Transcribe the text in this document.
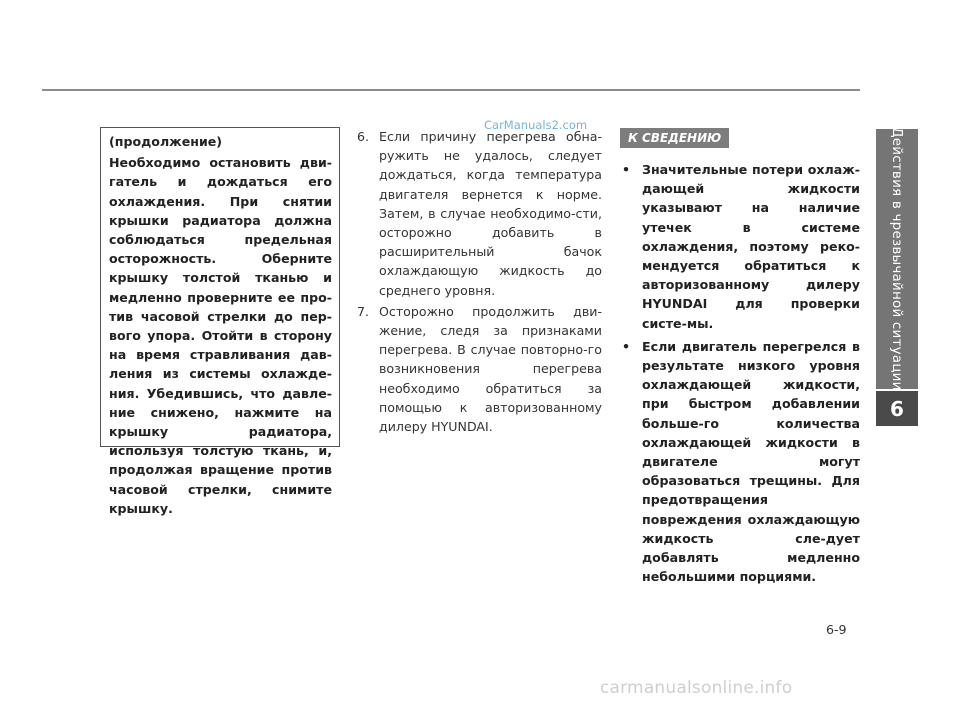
Действия в чрезвычайной ситуации
6

(продолжение)

Необходимо остановить дви-гатель и дождаться его охлаждения. При снятии крышки радиатора должна соблюдаться предельная осторожность. Оберните крышку толстой тканью и медленно проверните ее про-тив часовой стрелки до пер-вого упора. Отойти в сторону на время стравливания дав-ления из системы охлажде-ния. Убедившись, что давле-ние снижено, нажмите на крышку радиатора, используя толстую ткань, и, продолжая вращение против часовой стрелки, снимите крышку.

CarManuals2.com
6. Если причину перегрева обна-ружить не удалось, следует дождаться, когда температура двигателя вернется к норме. Затем, в случае необходимо-сти, осторожно добавить в расширительный бачок охлаждающую жидкость до среднего уровня.
7. Осторожно продолжить дви-жение, следя за признаками перегрева. В случае повторно-го возникновения перегрева необходимо обратиться за помощью к авторизованному дилеру HYUNDAI.
К СВЕДЕНИЮ
• Значительные потери охлаж-дающей жидкости указывают на наличие утечек в системе охлаждения, поэтому реко-мендуется обратиться к авторизованному дилеру HYUNDAI для проверки систе-мы.
• Если двигатель перегрелся в результате низкого уровня охлаждающей жидкости, при быстром добавлении больше-го количества охлаждающей жидкости в двигателе могут образоваться трещины. Для предотвращения повреждения охлаждающую жидкость сле-дует добавлять медленно небольшими порциями.
6-9
carmanualsonline.info
